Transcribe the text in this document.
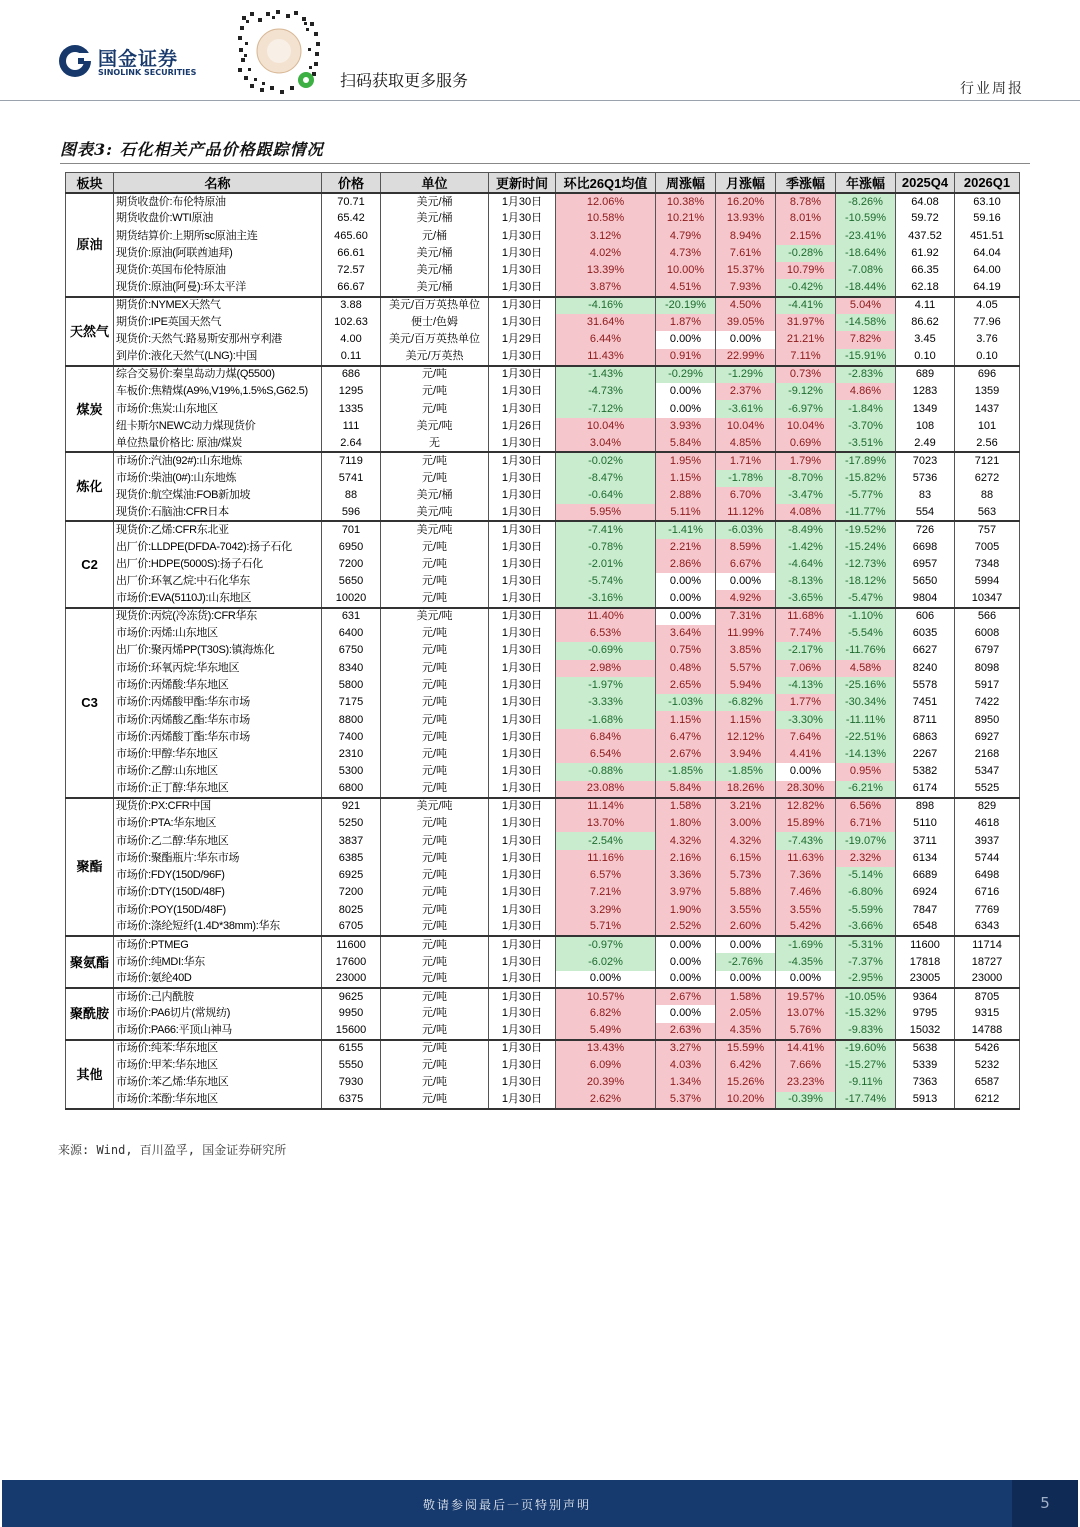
国金证券
SINOLINK SECURITIES	扫码获取更多服务	行业周报
图表3: 石化相关产品价格跟踪情况
板块	名称	价格	单位	更新时间	环比26Q1均值	周涨幅	月涨幅	季涨幅	年涨幅	2025Q4	2026Q1
原油	期货收盘价:布伦特原油	70.71	美元/桶	1月30日	12.06%	10.38%	16.20%	8.78%	-8.26%	64.08	63.10
	期货收盘价:WTI原油	65.42	美元/桶	1月30日	10.58%	10.21%	13.93%	8.01%	-10.59%	59.72	59.16
	期货结算价:上期所sc原油主连	465.60	元/桶	1月30日	3.12%	4.79%	8.94%	2.15%	-23.41%	437.52	451.51
	现货价:原油(阿联酋迪拜)	66.61	美元/桶	1月30日	4.02%	4.73%	7.61%	-0.28%	-18.64%	61.92	64.04
	现货价:英国布伦特原油	72.57	美元/桶	1月30日	13.39%	10.00%	15.37%	10.79%	-7.08%	66.35	64.00
	现货价:原油(阿曼):环太平洋	66.67	美元/桶	1月30日	3.87%	4.51%	7.93%	-0.42%	-18.44%	62.18	64.19
天然气	期货价:NYMEX天然气	3.88	美元/百万英热单位	1月30日	-4.16%	-20.19%	4.50%	-4.41%	5.04%	4.11	4.05
	期货价:IPE英国天然气	102.63	便士/色姆	1月30日	31.64%	1.87%	39.05%	31.97%	-14.58%	86.62	77.96
	现货价:天然气:路易斯安那州亨利港	4.00	美元/百万英热单位	1月29日	6.44%	0.00%	0.00%	21.21%	7.82%	3.45	3.76
	到岸价:液化天然气(LNG):中国	0.11	美元/万英热	1月30日	11.43%	0.91%	22.99%	7.11%	-15.91%	0.10	0.10
煤炭	综合交易价:秦皇岛动力煤(Q5500)	686	元/吨	1月30日	-1.43%	-0.29%	-1.29%	0.73%	-2.83%	689	696
	车板价:焦精煤(A9%,V19%,1.5%S,G62.5)	1295	元/吨	1月30日	-4.73%	0.00%	2.37%	-9.12%	4.86%	1283	1359
	市场价:焦炭:山东地区	1335	元/吨	1月30日	-7.12%	0.00%	-3.61%	-6.97%	-1.84%	1349	1437
	纽卡斯尔NEWC动力煤现货价	111	美元/吨	1月26日	10.04%	3.93%	10.04%	10.04%	-3.70%	108	101
	单位热量价格比: 原油/煤炭	2.64	无	1月30日	3.04%	5.84%	4.85%	0.69%	-3.51%	2.49	2.56
炼化	市场价:汽油(92#):山东地炼	7119	元/吨	1月30日	-0.02%	1.95%	1.71%	1.79%	-17.89%	7023	7121
	市场价:柴油(0#):山东地炼	5741	元/吨	1月30日	-8.47%	1.15%	-1.78%	-8.70%	-15.82%	5736	6272
	现货价:航空煤油:FOB新加坡	88	美元/桶	1月30日	-0.64%	2.88%	6.70%	-3.47%	-5.77%	83	88
	现货价:石脑油:CFR日本	596	美元/吨	1月30日	5.95%	5.11%	11.12%	4.08%	-11.77%	554	563
C2	现货价:乙烯:CFR东北亚	701	美元/吨	1月30日	-7.41%	-1.41%	-6.03%	-8.49%	-19.52%	726	757
	出厂价:LLDPE(DFDA-7042):扬子石化	6950	元/吨	1月30日	-0.78%	2.21%	8.59%	-1.42%	-15.24%	6698	7005
	出厂价:HDPE(5000S):扬子石化	7200	元/吨	1月30日	-2.01%	2.86%	6.67%	-4.64%	-12.73%	6957	7348
	出厂价:环氧乙烷:中石化华东	5650	元/吨	1月30日	-5.74%	0.00%	0.00%	-8.13%	-18.12%	5650	5994
	市场价:EVA(5110J):山东地区	10020	元/吨	1月30日	-3.16%	0.00%	4.92%	-3.65%	-5.47%	9804	10347
C3	现货价:丙烷(冷冻货):CFR华东	631	美元/吨	1月30日	11.40%	0.00%	7.31%	11.68%	-1.10%	606	566
	市场价:丙烯:山东地区	6400	元/吨	1月30日	6.53%	3.64%	11.99%	7.74%	-5.54%	6035	6008
	出厂价:聚丙烯PP(T30S):镇海炼化	6750	元/吨	1月30日	-0.69%	0.75%	3.85%	-2.17%	-11.76%	6627	6797
	市场价:环氧丙烷:华东地区	8340	元/吨	1月30日	2.98%	0.48%	5.57%	7.06%	4.58%	8240	8098
	市场价:丙烯酸:华东地区	5800	元/吨	1月30日	-1.97%	2.65%	5.94%	-4.13%	-25.16%	5578	5917
	市场价:丙烯酸甲酯:华东市场	7175	元/吨	1月30日	-3.33%	-1.03%	-6.82%	1.77%	-30.34%	7451	7422
	市场价:丙烯酸乙酯:华东市场	8800	元/吨	1月30日	-1.68%	1.15%	1.15%	-3.30%	-11.11%	8711	8950
	市场价:丙烯酸丁酯:华东市场	7400	元/吨	1月30日	6.84%	6.47%	12.12%	7.64%	-22.51%	6863	6927
	市场价:甲醇:华东地区	2310	元/吨	1月30日	6.54%	2.67%	3.94%	4.41%	-14.13%	2267	2168
	市场价:乙醇:山东地区	5300	元/吨	1月30日	-0.88%	-1.85%	-1.85%	0.00%	0.95%	5382	5347
	市场价:正丁醇:华东地区	6800	元/吨	1月30日	23.08%	5.84%	18.26%	28.30%	-6.21%	6174	5525
聚酯	现货价:PX:CFR中国	921	美元/吨	1月30日	11.14%	1.58%	3.21%	12.82%	6.56%	898	829
	市场价:PTA:华东地区	5250	元/吨	1月30日	13.70%	1.80%	3.00%	15.89%	6.71%	5110	4618
	市场价:乙二醇:华东地区	3837	元/吨	1月30日	-2.54%	4.32%	4.32%	-7.43%	-19.07%	3711	3937
	市场价:聚酯瓶片:华东市场	6385	元/吨	1月30日	11.16%	2.16%	6.15%	11.63%	2.32%	6134	5744
	市场价:FDY(150D/96F)	6925	元/吨	1月30日	6.57%	3.36%	5.73%	7.36%	-5.14%	6689	6498
	市场价:DTY(150D/48F)	7200	元/吨	1月30日	7.21%	3.97%	5.88%	7.46%	-6.80%	6924	6716
	市场价:POY(150D/48F)	8025	元/吨	1月30日	3.29%	1.90%	3.55%	3.55%	-5.59%	7847	7769
	市场价:涤纶短纤(1.4D*38mm):华东	6705	元/吨	1月30日	5.71%	2.52%	2.60%	5.42%	-3.66%	6548	6343
聚氨酯	市场价:PTMEG	11600	元/吨	1月30日	-0.97%	0.00%	0.00%	-1.69%	-5.31%	11600	11714
	市场价:纯MDI:华东	17600	元/吨	1月30日	-6.02%	0.00%	-2.76%	-4.35%	-7.37%	17818	18727
	市场价:氨纶40D	23000	元/吨	1月30日	0.00%	0.00%	0.00%	0.00%	-2.95%	23005	23000
聚酰胺	市场价:己内酰胺	9625	元/吨	1月30日	10.57%	2.67%	1.58%	19.57%	-10.05%	9364	8705
	市场价:PA6切片(常规纺)	9950	元/吨	1月30日	6.82%	0.00%	2.05%	13.07%	-15.32%	9795	9315
	市场价:PA66:平顶山神马	15600	元/吨	1月30日	5.49%	2.63%	4.35%	5.76%	-9.83%	15032	14788
其他	市场价:纯苯:华东地区	6155	元/吨	1月30日	13.43%	3.27%	15.59%	14.41%	-19.60%	5638	5426
	市场价:甲苯:华东地区	5550	元/吨	1月30日	6.09%	4.03%	6.42%	7.66%	-15.27%	5339	5232
	市场价:苯乙烯:华东地区	7930	元/吨	1月30日	20.39%	1.34%	15.26%	23.23%	-9.11%	7363	6587
	市场价:苯酚:华东地区	6375	元/吨	1月30日	2.62%	5.37%	10.20%	-0.39%	-17.74%	5913	6212
来源: Wind, 百川盈孚, 国金证券研究所
敬请参阅最后一页特别声明	5
